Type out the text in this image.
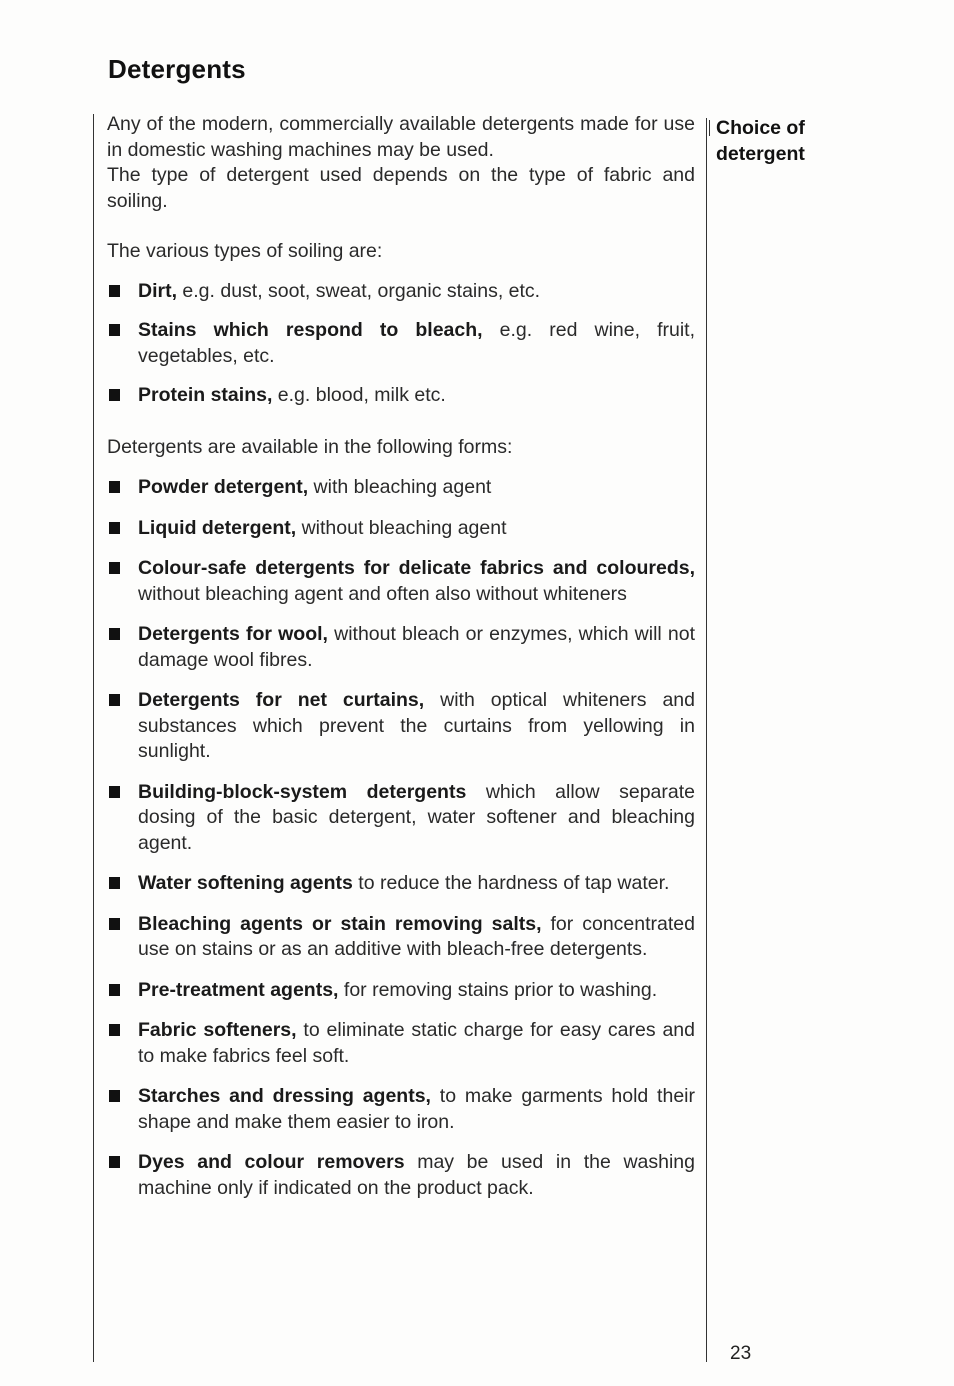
Detergents
Choice of
detergent

Any of the modern, commercially available detergents made for use in domestic washing machines may be used.

The type of detergent used depends on the type of fabric and soiling.

The various types of soiling are:

Dirt, e.g. dust, soot, sweat, organic stains, etc.
Stains which respond to bleach, e.g. red wine, fruit, vegetables, etc.
Protein stains, e.g. blood, milk etc.

Detergents are available in the following forms:

Powder detergent, with bleaching agent
Liquid detergent, without bleaching agent
Colour-safe detergents for delicate fabrics and coloureds, without bleaching agent and often also without whiteners
Detergents for wool, without bleach or enzymes, which will not damage wool fibres.
Detergents for net curtains, with optical whiteners and substances which prevent the curtains from yellowing in sunlight.
Building-block-system detergents which allow separate dosing of the basic detergent, water softener and bleaching agent.
Water softening agents to reduce the hardness of tap water.
Bleaching agents or stain removing salts, for concentrated use on stains or as an additive with bleach-free detergents.
Pre-treatment agents, for removing stains prior to washing.
Fabric softeners, to eliminate static charge for easy cares and to make fabrics feel soft.
Starches and dressing agents, to make garments hold their shape and make them easier to iron.
Dyes and colour removers may be used in the washing machine only if indicated on the product pack.
23
